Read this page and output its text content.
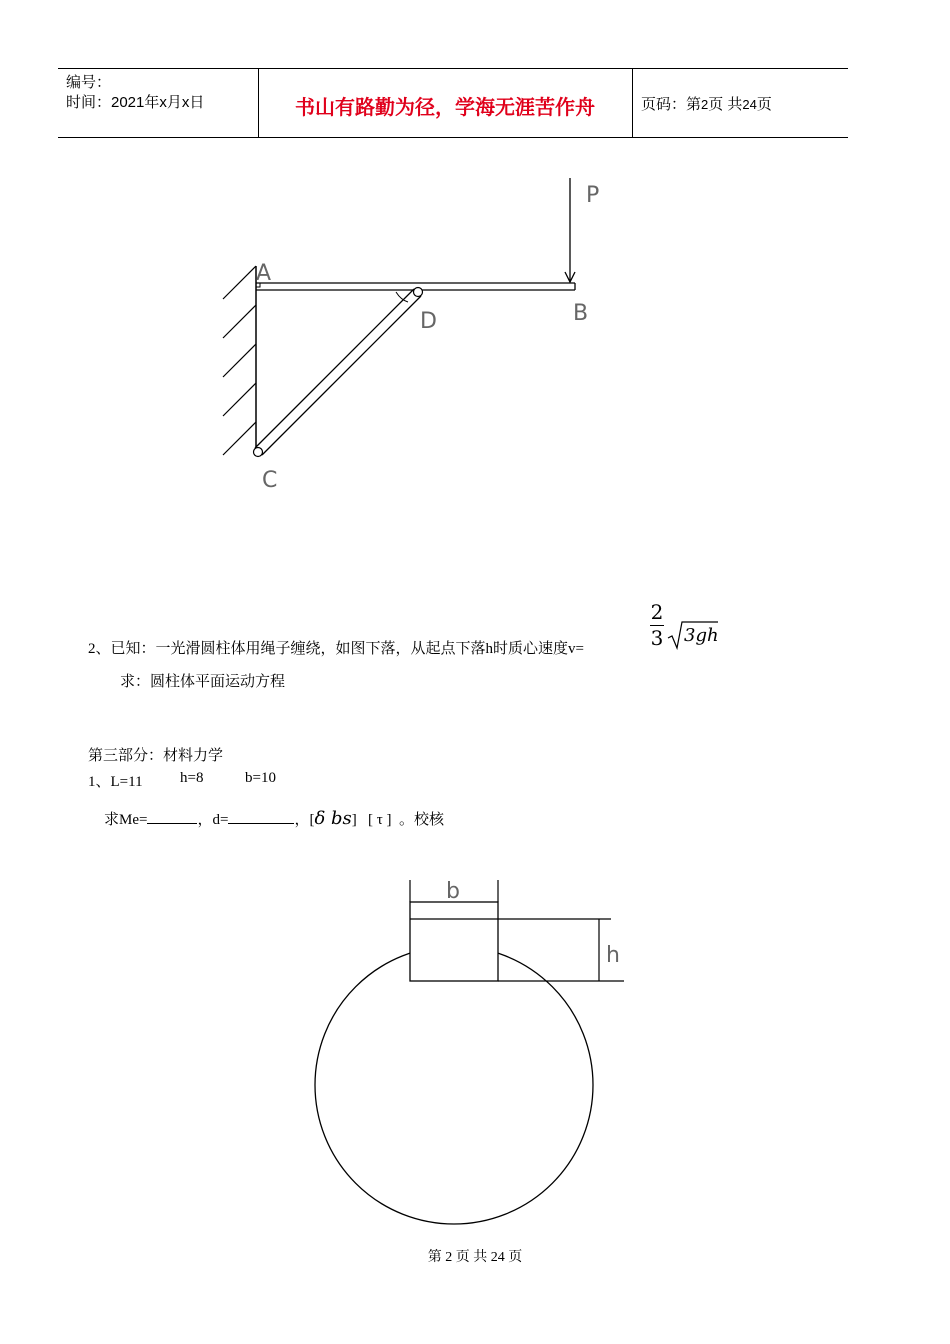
编号：
时间：2021年x月x日	书山有路勤为径，学海无涯苦作舟	页码：第2页 共24页
P
A
B
D
C
b
h
2、已知：一光滑圆柱体用绳子缠绕，如图下落，从起点下落h时质心速度v=	$\frac{2}{3} 3gh$
求：圆柱体平面运动方程
第三部分：材料力学
1、L=11 h=8	b=10
求Me=	，d=	，[δ bs] [ τ ] 。校核
第 2 页 共 24 页
